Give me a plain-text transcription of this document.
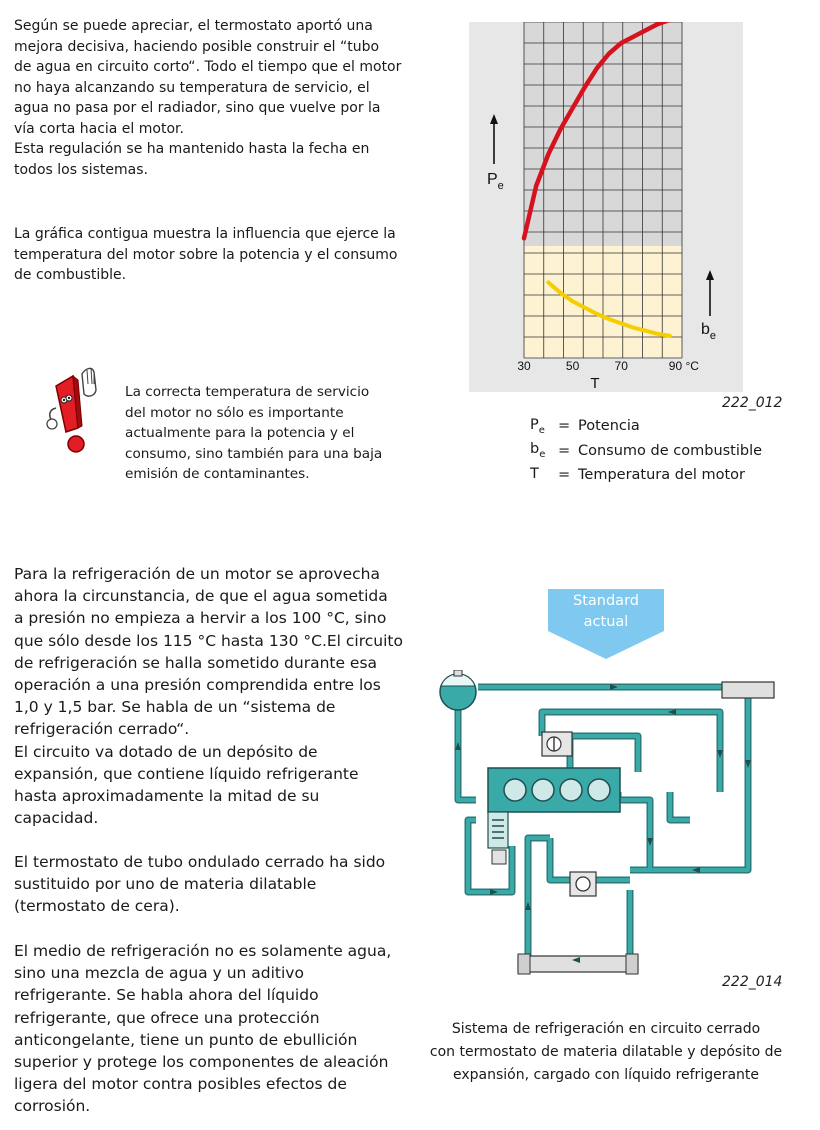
Según se puede apreciar, el termostato aportó una
mejora decisiva, haciendo posible construir el “tubo
de agua en circuito corto“. Todo el tiempo que el motor
no haya alcanzando su temperatura de servicio, el
agua no pasa por el radiador, sino que vuelve por la
vía corta hacia el motor.
Esta regulación se ha mantenido hasta la fecha en
todos los sistemas.
La gráfica contigua muestra la influencia que ejerce la
temperatura del motor sobre la potencia y el consumo
de combustible.
La correcta temperatura de servicio
del motor no sólo es importante
actualmente para la potencia y el
consumo, sino también para una baja
emisión de contaminantes.
30	50	70	90 °C
T
$P_e$
$b_e$
222_012
$P_e$ = Potencia
$b_e$ = Consumo de combustible
T	= Temperatura del motor
Para la refrigeración de un motor se aprovecha
ahora la circunstancia, de que el agua sometida
a presión no empieza a hervir a los 100 °C, sino
que sólo desde los 115 °C hasta 130 °C.El circuito
de refrigeración se halla sometido durante esa
operación a una presión comprendida entre los
1,0 y 1,5 bar. Se habla de un “sistema de
refrigeración cerrado“.
El circuito va dotado de un depósito de
expansión, que contiene líquido refrigerante
hasta aproximadamente la mitad de su
capacidad.
El termostato de tubo ondulado cerrado ha sido
sustituido por uno de materia dilatable
(termostato de cera).
El medio de refrigeración no es solamente agua,
sino una mezcla de agua y un aditivo
refrigerante. Se habla ahora del líquido
refrigerante, que ofrece una protección
anticongelante, tiene un punto de ebullición
superior y protege los componentes de aleación
ligera del motor contra posibles efectos de
corrosión.
Standard
actual
222_014
Sistema de refrigeración en circuito cerrado
con termostato de materia dilatable y depósito de
expansión, cargado con líquido refrigerante
